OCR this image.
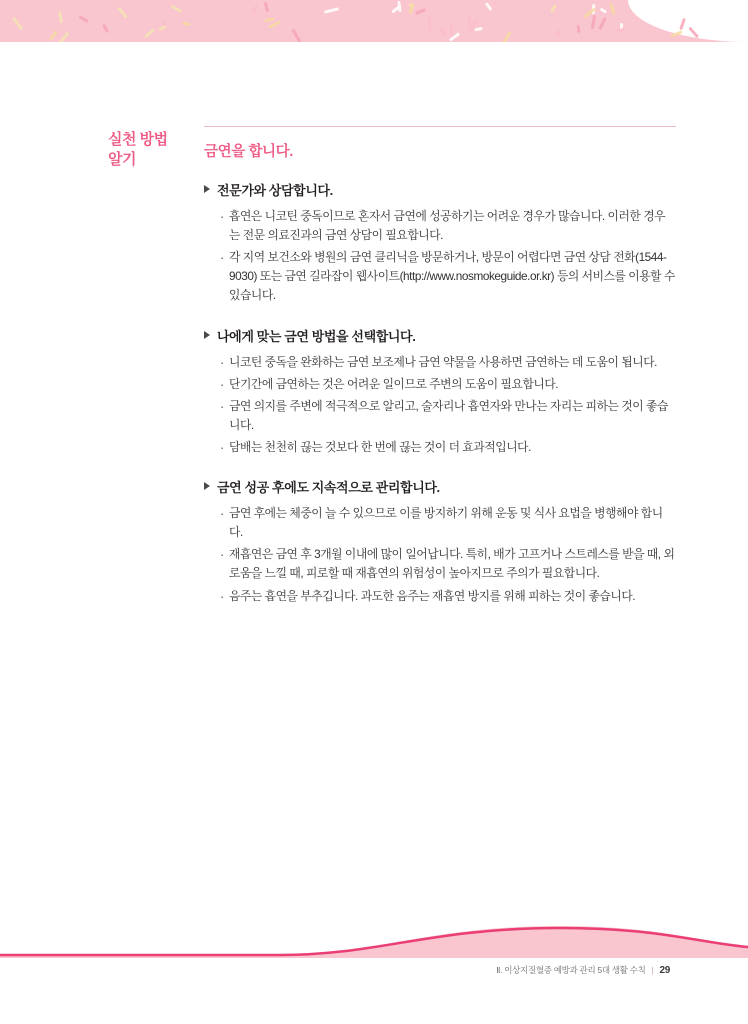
실천 방법
알기	금연을 합니다.
전문가와 상담합니다.
· 흡연은 니코틴 중독이므로 혼자서 금연에 성공하기는 어려운 경우가 많습니다. 이러한 경우는 전문 의료진과의 금연 상담이 필요합니다.
· 각 지역 보건소와 병원의 금연 클리닉을 방문하거나, 방문이 어렵다면 금연 상담 전화(1544-9030) 또는 금연 길라잡이 웹사이트(http://www.nosmokeguide.or.kr) 등의 서비스를 이용할 수 있습니다.
나에게 맞는 금연 방법을 선택합니다.
· 니코틴 중독을 완화하는 금연 보조제나 금연 약물을 사용하면 금연하는 데 도움이 됩니다.
· 단기간에 금연하는 것은 어려운 일이므로 주변의 도움이 필요합니다.
· 금연 의지를 주변에 적극적으로 알리고, 술자리나 흡연자와 만나는 자리는 피하는 것이 좋습니다.
· 담배는 천천히 끊는 것보다 한 번에 끊는 것이 더 효과적입니다.
금연 성공 후에도 지속적으로 관리합니다.
· 금연 후에는 체중이 늘 수 있으므로 이를 방지하기 위해 운동 및 식사 요법을 병행해야 합니다.
· 재흡연은 금연 후 3개월 이내에 많이 일어납니다. 특히, 배가 고프거나 스트레스를 받을 때, 외로움을 느낄 때, 피로할 때 재흡연의 위험성이 높아지므로 주의가 필요합니다.
· 음주는 흡연을 부추깁니다. 과도한 음주는 재흡연 방지를 위해 피하는 것이 좋습니다.
Ⅱ. 이상지질혈증 예방과 관리 5대 생활 수칙 | 29
